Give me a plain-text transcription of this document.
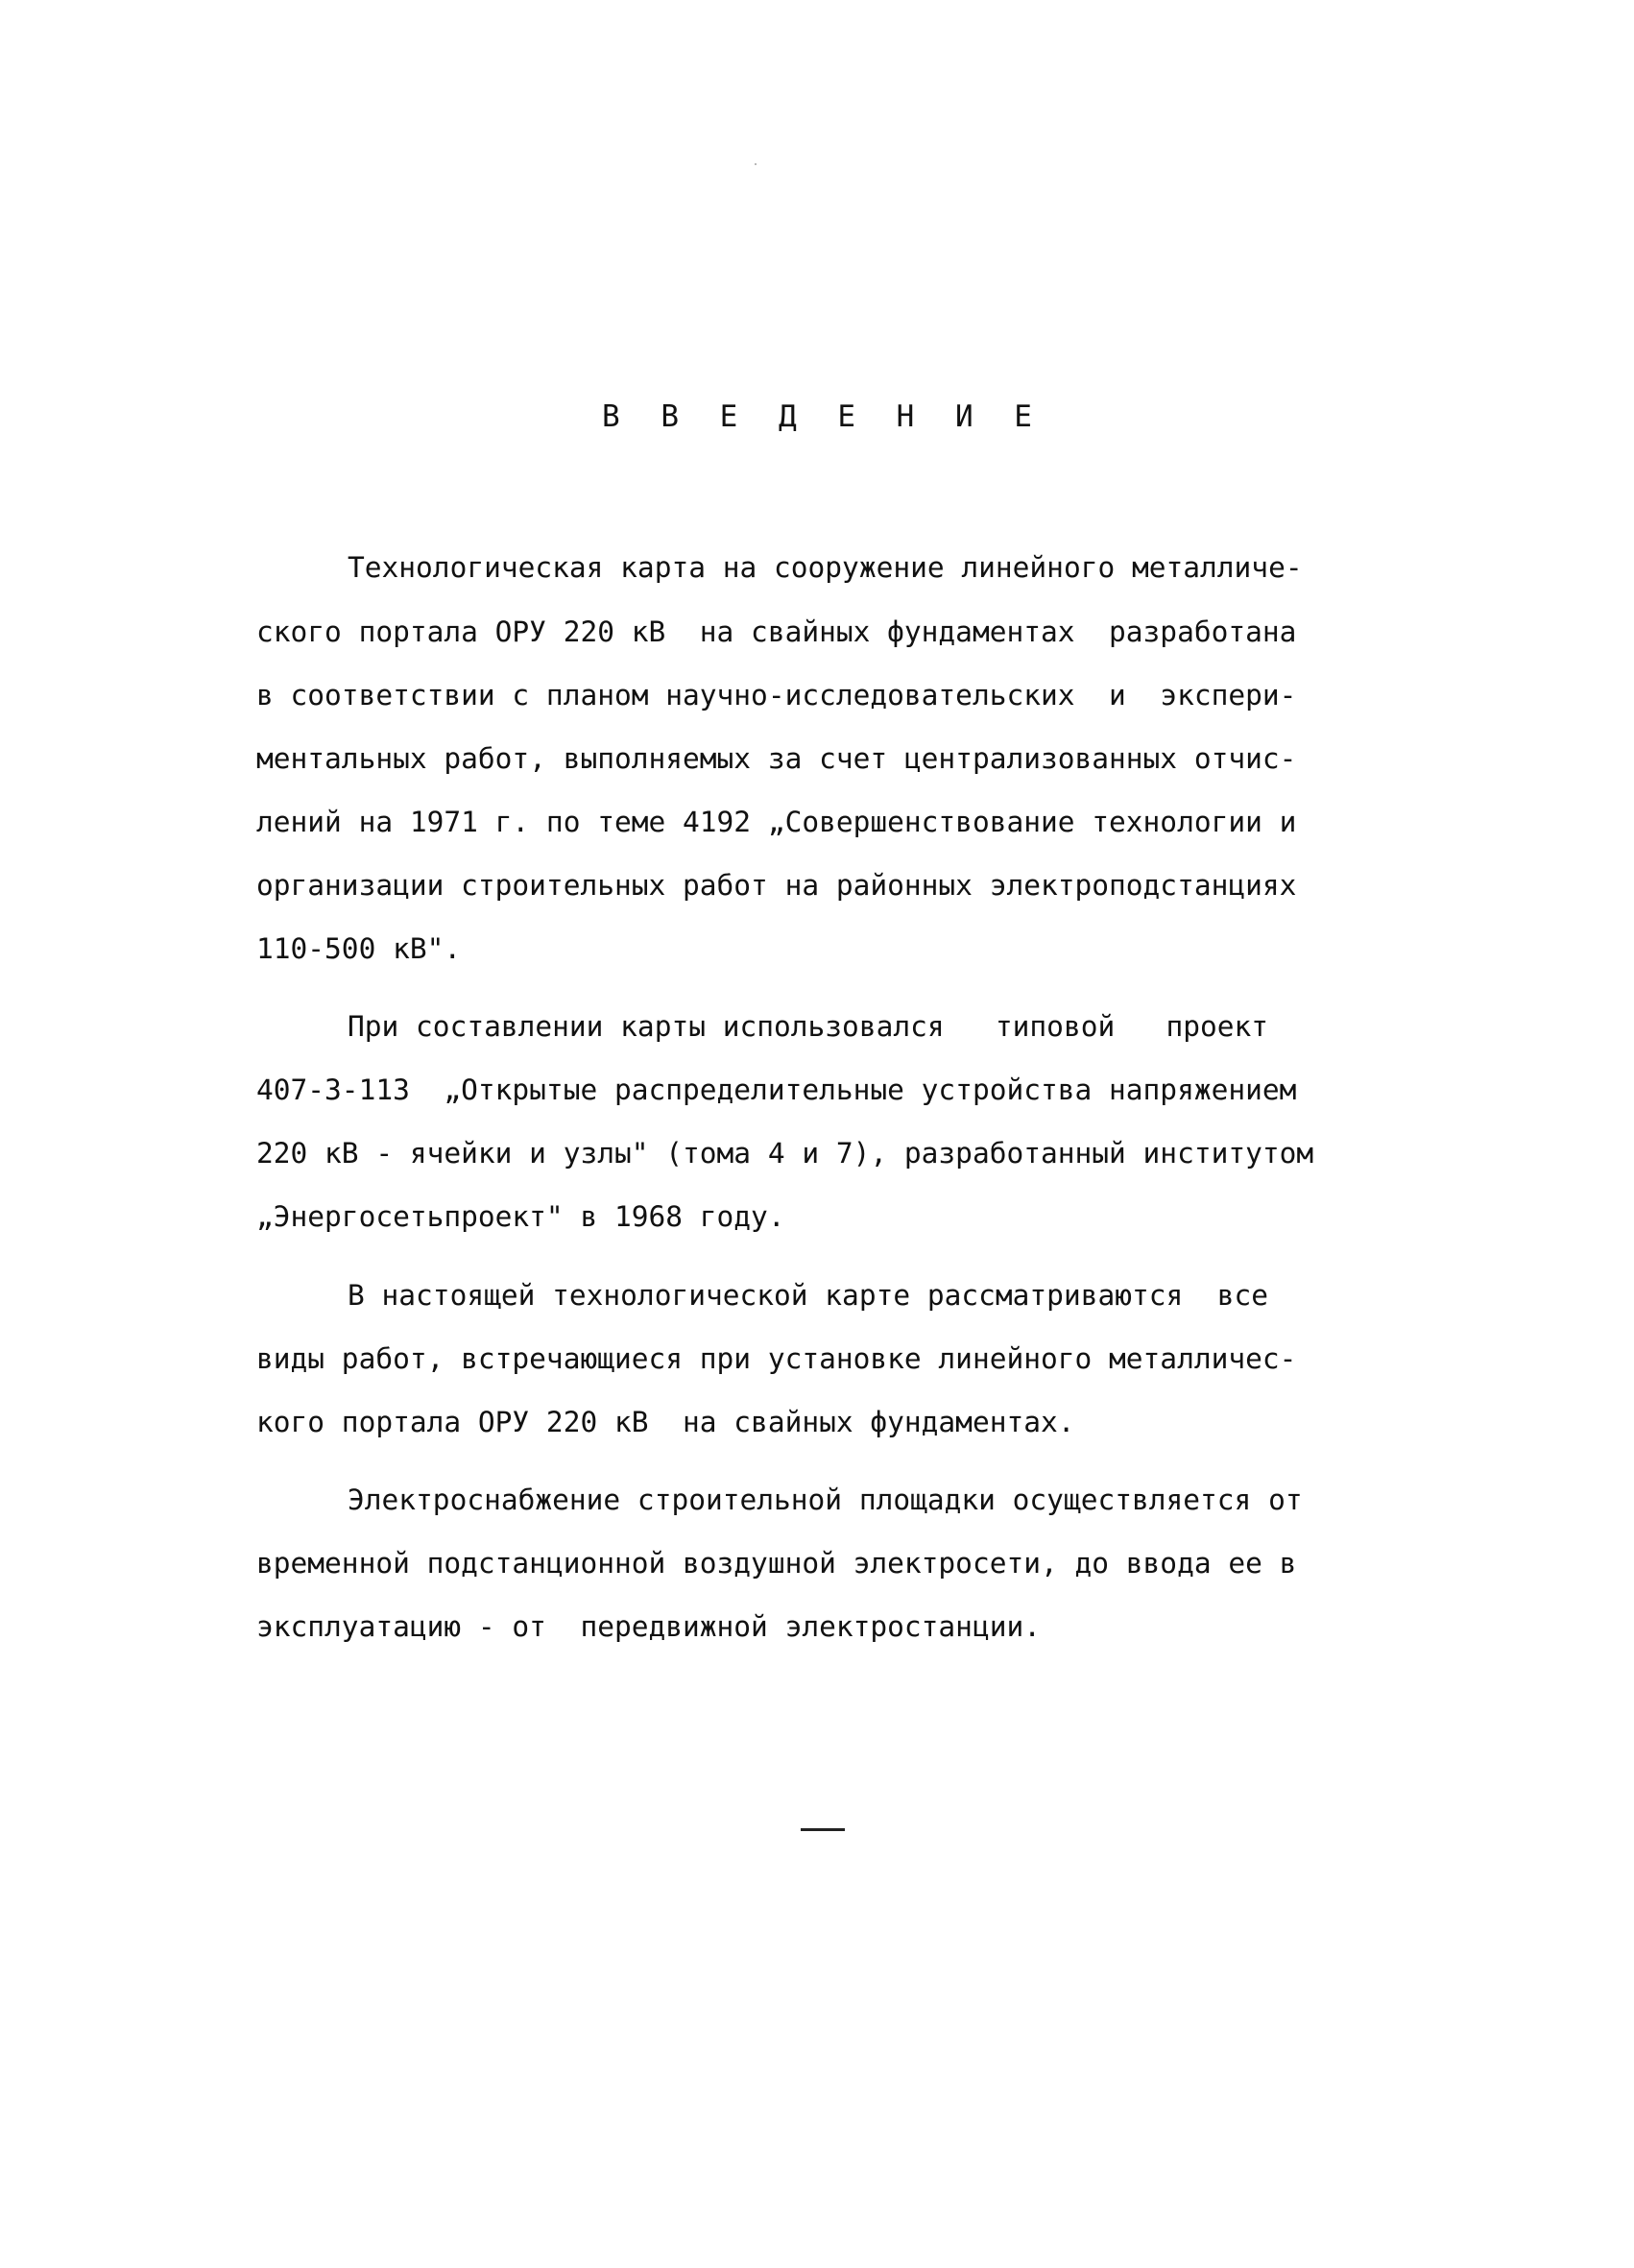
В В Е Д Е Н И Е
Технологическая карта на сооружение линейного металличе-
ского портала ОРУ 220 кВ  на свайных фундаментах  разработана
в соответствии с планом научно-исследовательских  и  экспери-
ментальных работ, выполняемых за счет централизованных отчис-
лений на 1971 г. по теме 4192 „Совершенствование технологии и
организации строительных работ на районных электроподстанциях
110-500 кВ".
При составлении карты использовался   типовой   проект
407-3-113  „Открытые распределительные устройства напряжением
220 кВ - ячейки и узлы" (тома 4 и 7), разработанный институтом
„Энергосетьпроект" в 1968 году.
В настоящей технологической карте рассматриваются  все
виды работ, встречающиеся при установке линейного металличес-
кого портала ОРУ 220 кВ  на свайных фундаментах.
Электроснабжение строительной площадки осуществляется от
временной подстанционной воздушной электросети, до ввода ее в
эксплуатацию - от  передвижной электростанции.
